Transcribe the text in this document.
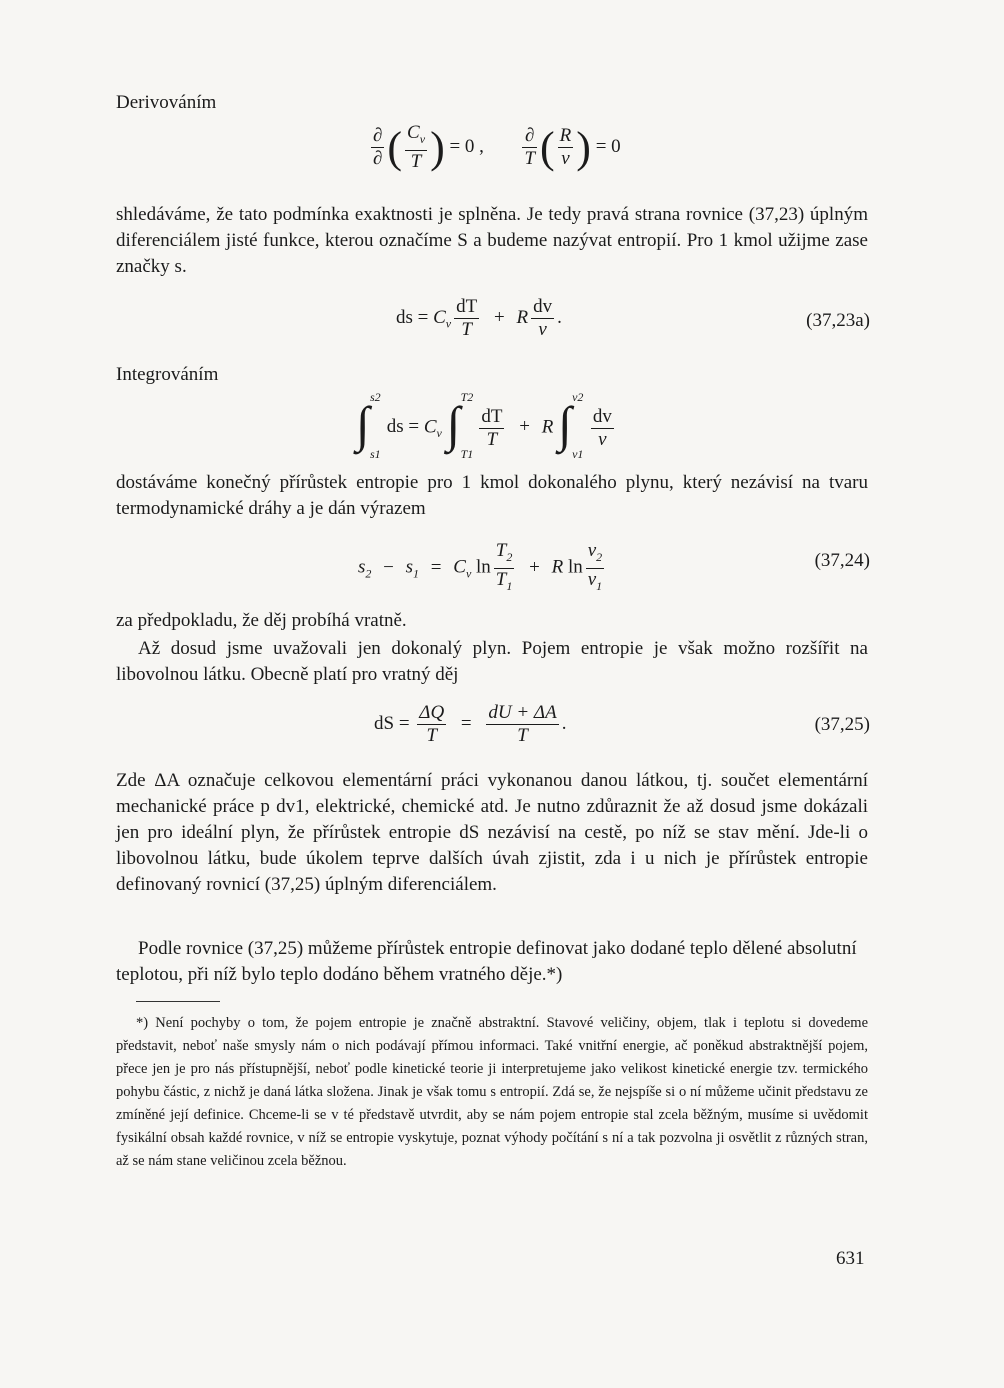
Derivováním
$\frac{\partial}{\partial}$ ( $\frac{C_v}{T}$ ) = 0 , $\frac{\partial}{T}$ ( $\frac{R}{v}$ ) = 0
shledáváme, že tato podmínka exaktnosti je splněna. Je tedy pravá strana rovnice (37,23) úplným diferenciálem jisté funkce, kterou označíme S a budeme nazývat entropií. Pro 1 kmol užijme zase značky s.
ds = $C_v \frac{dT}{T} + R \frac{dv}{v}$ .	(37,23a)
Integrováním
∫ s2
s1
ds = $C_v$ ∫ T2
T1

$\frac{dT}{T} + R$ ∫ v2
v1

$\frac{dv}{v}$
dostáváme konečný přírůstek entropie pro 1 kmol dokonalého plynu, který nezávisí na tvaru termodynamické dráhy a je dán výrazem
$s_2 - s_1 = C_v$ $\ln \frac{T_2}{T_1} + R$ $\ln \frac{v_2}{v_1}$	(37,24)
za předpokladu, že děj probíhá vratně.
Až dosud jsme uvažovali jen dokonalý plyn. Pojem entropie je však možno rozšířit na libovolnou látku. Obecně platí pro vratný děj
dS = $\frac{\Delta Q}{T} = \frac{dU + \Delta A}{T}$ .	(37,25)
Zde ΔA označuje celkovou elementární práci vykonanou danou látkou, tj. součet elementární mechanické práce p dv1, elektrické, chemické atd. Je nutno zdůraznit že až dosud jsme dokázali jen pro ideální plyn, že přírůstek entropie dS nezávisí na cestě, po níž se stav mění. Jde-li o libovolnou látku, bude úkolem teprve dalších úvah zjistit, zda i u nich je přírůstek entropie definovaný rovnicí (37,25) úplným diferenciálem.
Podle rovnice (37,25) můžeme přírůstek entropie definovat jako dodané teplo dělené absolutní teplotou, při níž bylo teplo dodáno během vratného děje.*)
*) Není pochyby o tom, že pojem entropie je značně abstraktní. Stavové veličiny, objem, tlak i teplotu si dovedeme představit, neboť naše smysly nám o nich podávají přímou informaci. Také vnitřní energie, ač poněkud abstraktnější pojem, přece jen je pro nás přístupnější, neboť podle kinetické teorie ji interpretujeme jako velikost kinetické energie tzv. termického pohybu částic, z nichž je daná látka složena. Jinak je však tomu s entropií. Zdá se, že nejspíše si o ní můžeme učinit představu ze zmíněné její definice. Chceme-li se v té představě utvrdit, aby se nám pojem entropie stal zcela běžným, musíme si uvědomit fysikální obsah každé rovnice, v níž se entropie vyskytuje, poznat výhody počítání s ní a tak pozvolna ji osvětlit z různých stran, až se nám stane veličinou zcela běžnou.
631
